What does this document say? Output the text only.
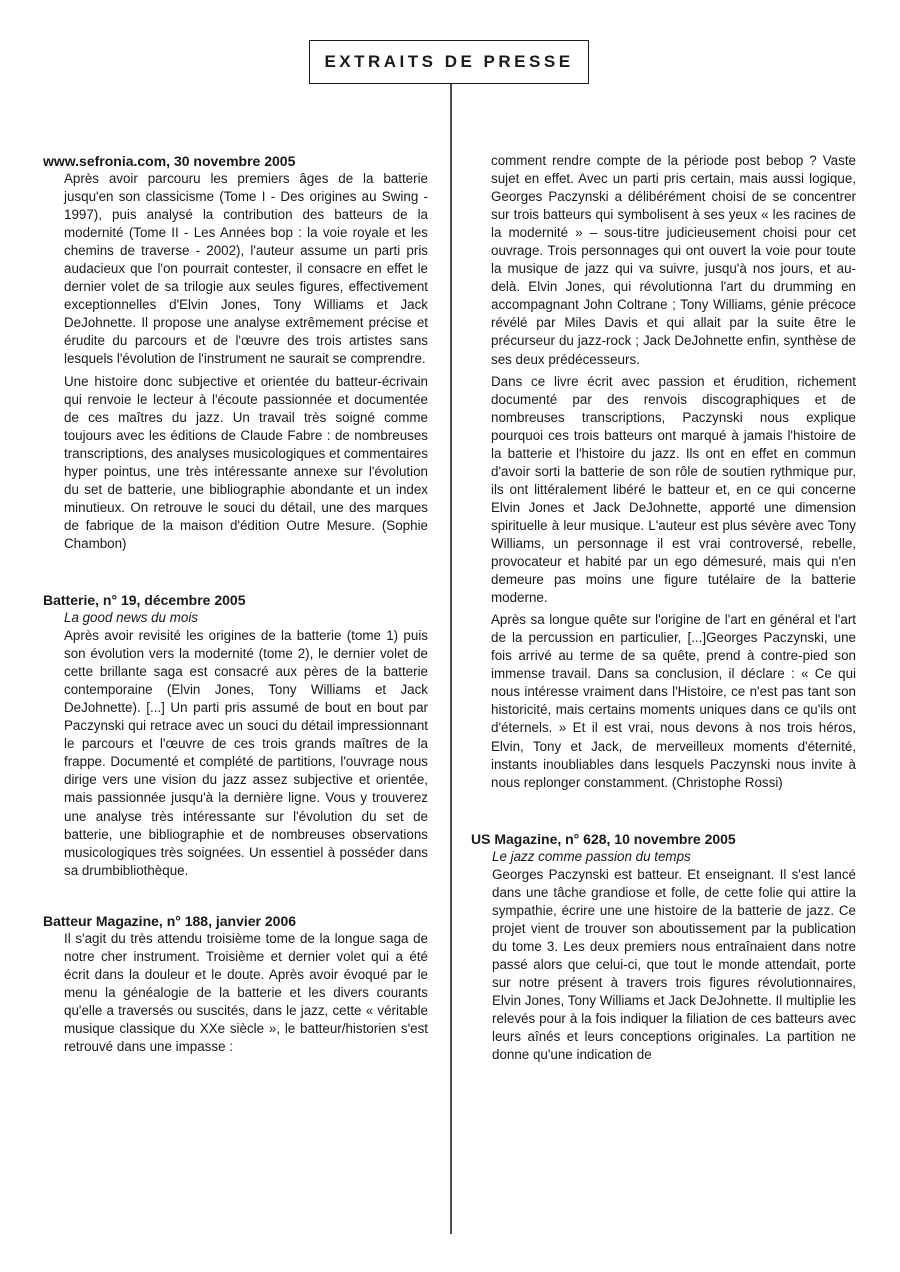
EXTRAITS DE PRESSE
www.sefronia.com, 30 novembre 2005

Après avoir parcouru les premiers âges de la batterie jusqu'en son classicisme (Tome I - Des origines au Swing - 1997), puis analysé la contribution des batteurs de la modernité (Tome II - Les Années bop : la voie royale et les chemins de traverse - 2002), l'auteur assume un parti pris audacieux que l'on pourrait contester, il consacre en effet le dernier volet de sa trilogie aux seules figures, effectivement exceptionnelles d'Elvin Jones, Tony Williams et Jack DeJohnette. Il propose une analyse extrêmement précise et érudite du parcours et de l'œuvre des trois artistes sans lesquels l'évolution de l'instrument ne saurait se comprendre.

Une histoire donc subjective et orientée du batteur-écrivain qui renvoie le lecteur à l'écoute passionnée et documentée de ces maîtres du jazz. Un travail très soigné comme toujours avec les éditions de Claude Fabre : de nombreuses transcriptions, des analyses musicologiques et commentaires hyper pointus, une très intéressante annexe sur l'évolution du set de batterie, une bibliographie abondante et un index minutieux. On retrouve le souci du détail, une des marques de fabrique de la maison d'édition Outre Mesure. (Sophie Chambon)

Batterie, n° 19, décembre 2005
La good news du mois

Après avoir revisité les origines de la batterie (tome 1) puis son évolution vers la modernité (tome 2), le dernier volet de cette brillante saga est consacré aux pères de la batterie contemporaine (Elvin Jones, Tony Williams et Jack DeJohnette). [...] Un parti pris assumé de bout en bout par Paczynski qui retrace avec un souci du détail impressionnant le parcours et l'œuvre de ces trois grands maîtres de la frappe. Documenté et complété de partitions, l'ouvrage nous dirige vers une vision du jazz assez subjective et orientée, mais passionnée jusqu'à la dernière ligne. Vous y trouverez une analyse très intéressante sur l'évolution du set de batterie, une bibliographie et de nombreuses observations musicologiques très soignées. Un essentiel à posséder dans sa drumbibliothèque.

Batteur Magazine, n° 188, janvier 2006

Il s'agit du très attendu troisième tome de la longue saga de notre cher instrument. Troisième et dernier volet qui a été écrit dans la douleur et le doute. Après avoir évoqué par le menu la généalogie de la batterie et les divers courants qu'elle a traversés ou suscités, dans le jazz, cette « véritable musique classique du XXe siècle », le batteur/historien s'est retrouvé dans une impasse :

comment rendre compte de la période post bebop ? Vaste sujet en effet. Avec un parti pris certain, mais aussi logique, Georges Paczynski a délibérément choisi de se concentrer sur trois batteurs qui symbolisent à ses yeux « les racines de la modernité » – sous-titre judicieusement choisi pour cet ouvrage. Trois personnages qui ont ouvert la voie pour toute la musique de jazz qui va suivre, jusqu'à nos jours, et au-delà. Elvin Jones, qui révolutionna l'art du drumming en accompagnant John Coltrane ; Tony Williams, génie précoce révélé par Miles Davis et qui allait par la suite être le précurseur du jazz-rock ; Jack DeJohnette enfin, synthèse de ses deux prédécesseurs.

Dans ce livre écrit avec passion et érudition, richement documenté par des renvois discographiques et de nombreuses transcriptions, Paczynski nous explique pourquoi ces trois batteurs ont marqué à jamais l'histoire de la batterie et l'histoire du jazz. Ils ont en effet en commun d'avoir sorti la batterie de son rôle de soutien rythmique pur, ils ont littéralement libéré le batteur et, en ce qui concerne Elvin Jones et Jack DeJohnette, apporté une dimension spirituelle à leur musique. L'auteur est plus sévère avec Tony Williams, un personnage il est vrai controversé, rebelle, provocateur et habité par un ego démesuré, mais qui n'en demeure pas moins une figure tutélaire de la batterie moderne.

Après sa longue quête sur l'origine de l'art en général et l'art de la percussion en particulier, [...]Georges Paczynski, une fois arrivé au terme de sa quête, prend à contre-pied son immense travail. Dans sa conclusion, il déclare : « Ce qui nous intéresse vraiment dans l'Histoire, ce n'est pas tant son historicité, mais certains moments uniques dans ce qu'ils ont d'éternels. » Et il est vrai, nous devons à nos trois héros, Elvin, Tony et Jack, de merveilleux moments d'éternité, instants inoubliables dans lesquels Paczynski nous invite à nous replonger constamment. (Christophe Rossi)

US Magazine, n° 628, 10 novembre 2005
Le jazz comme passion du temps

Georges Paczynski est batteur. Et enseignant. Il s'est lancé dans une tâche grandiose et folle, de cette folie qui attire la sympathie, écrire une une histoire de la batterie de jazz. Ce projet vient de trouver son aboutissement par la publication du tome 3. Les deux premiers nous entraînaient dans notre passé alors que celui-ci, que tout le monde attendait, porte sur notre présent à travers trois figures révolutionnaires, Elvin Jones, Tony Williams et Jack DeJohnette. Il multiplie les relevés pour à la fois indiquer la filiation de ces batteurs avec leurs aînés et leurs conceptions originales. La partition ne donne qu'une indication de
